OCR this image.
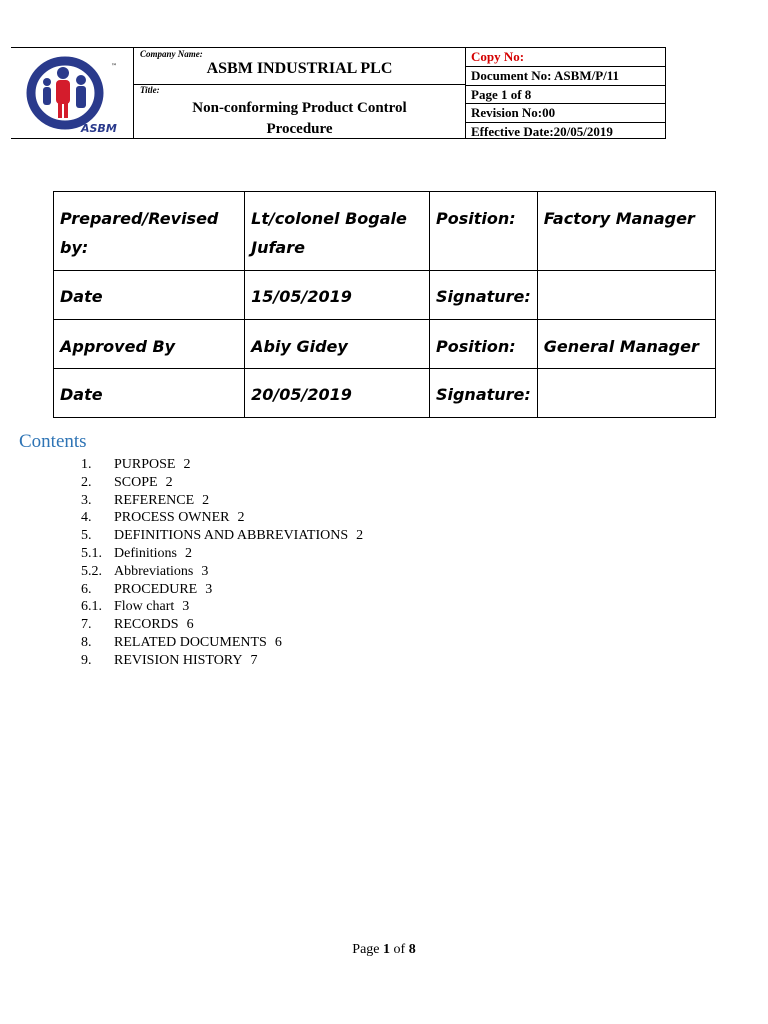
ASBM
™
Company Name:
ASBM INDUSTRIAL PLC
Title:
Non-conforming Product Control
Procedure
Copy No:
Document No: ASBM/P/11
Page 1 of 8
Revision No:00
Effective Date:20/05/2019
Prepared/Revised by:	Lt/colonel Bogale Jufare	Position:	Factory Manager
Date	15/05/2019	Signature:	
Approved By	Abiy Gidey	Position:	General Manager
Date	20/05/2019	Signature:	
Contents
1. PURPOSE 2
2. SCOPE 2
3. REFERENCE 2
4. PROCESS OWNER 2
5. DEFINITIONS AND ABBREVIATIONS 2
5.1. Definitions 2
5.2. Abbreviations 3
6. PROCEDURE 3
6.1. Flow chart 3
7. RECORDS 6
8. RELATED DOCUMENTS 6
9. REVISION HISTORY 7
Page 1 of 8
